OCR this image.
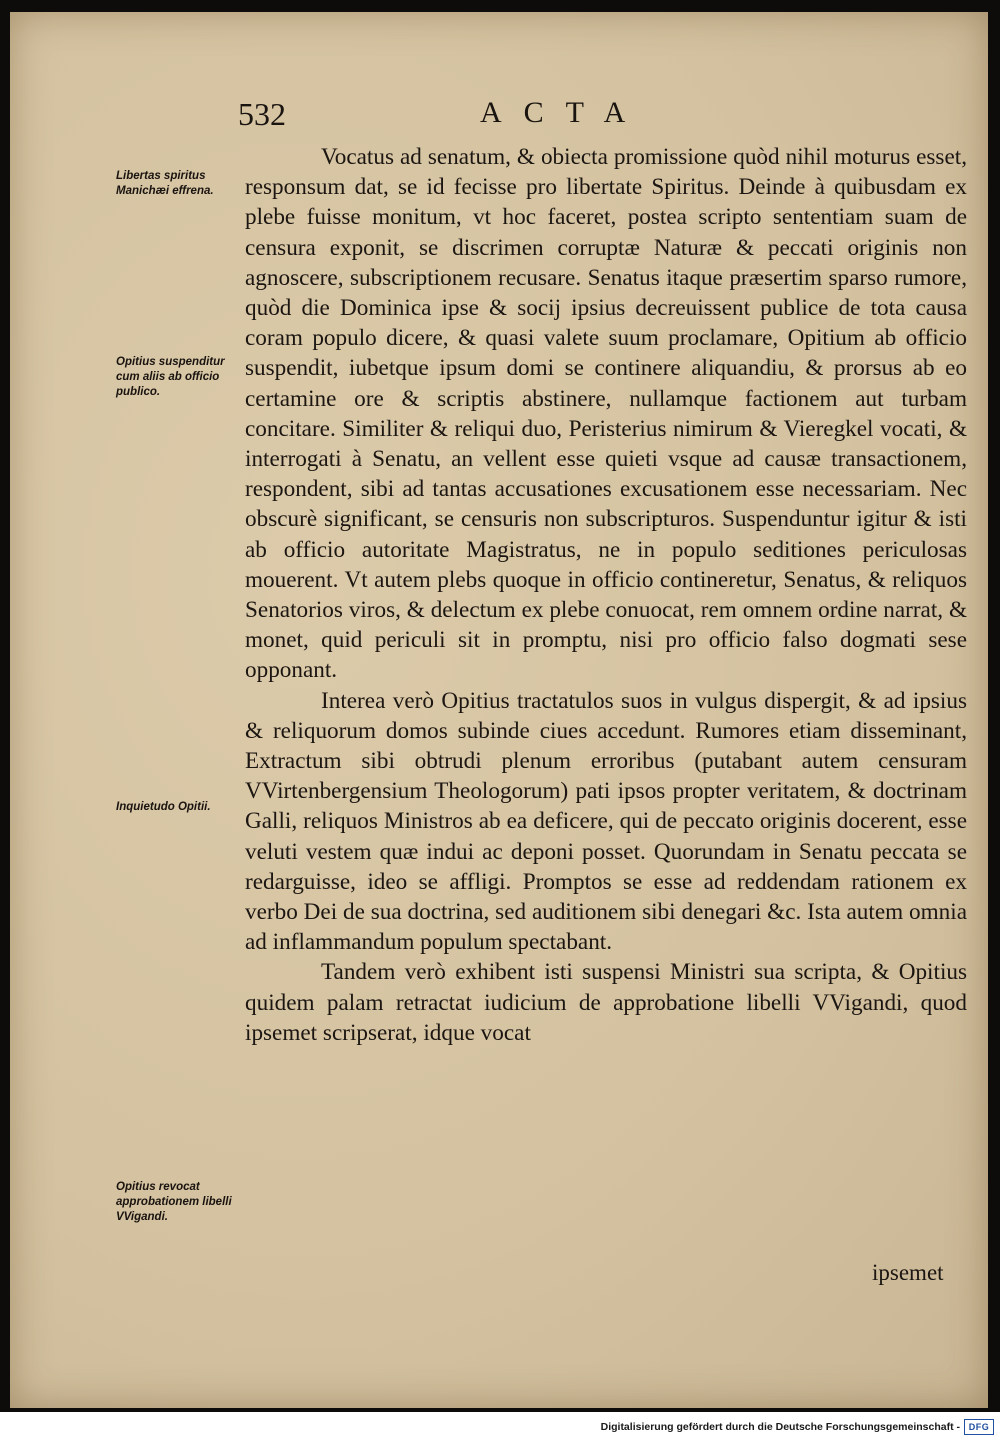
532	ACTA
Libertas spiritus Manichæi effrena.
Opitius suspenditur cum aliis ab officio publico.
Inquietudo Opitii.
Opitius revocat approbationem libelli VVigandi.

Vocatus ad senatum, & obiecta promissione quòd nihil moturus esset, responsum dat, se id fecisse pro libertate Spiritus. Deinde à quibusdam ex plebe fuisse monitum, vt hoc faceret, postea scripto sententiam suam de censura exponit, se discrimen corruptæ Naturæ & peccati originis non agnoscere, subscriptionem recusare. Senatus itaque præsertim sparso rumore, quòd die Dominica ipse & socij ipsius decreuissent publice de tota causa coram populo dicere, & quasi valete suum proclamare, Opitium ab officio suspendit, iubetque ipsum domi se continere aliquandiu, & prorsus ab eo certamine ore & scriptis abstinere, nullamque factionem aut turbam concitare. Similiter & reliqui duo, Peristerius nimirum & Vieregkel vocati, & interrogati à Senatu, an vellent esse quieti vsque ad causæ transactionem, respondent, sibi ad tantas accusationes excusationem esse necessariam. Nec obscurè significant, se censuris non subscripturos. Suspenduntur igitur & isti ab officio autoritate Magistratus, ne in populo seditiones periculosas mouerent. Vt autem plebs quoque in officio contineretur, Senatus, & reliquos Senatorios viros, & delectum ex plebe conuocat, rem omnem ordine narrat, & monet, quid periculi sit in promptu, nisi pro officio falso dogmati sese opponant.

Interea verò Opitius tractatulos suos in vulgus dispergit, & ad ipsius & reliquorum domos subinde ciues accedunt. Rumores etiam disseminant, Extractum sibi obtrudi plenum erroribus (putabant autem censuram VVirtenbergensium Theologorum) pati ipsos propter veritatem, & doctrinam Galli, reliquos Ministros ab ea deficere, qui de peccato originis docerent, esse veluti vestem quæ indui ac deponi posset. Quorundam in Senatu peccata se redarguisse, ideo se affligi. Promptos se esse ad reddendam rationem ex verbo Dei de sua doctrina, sed auditionem sibi denegari &c. Ista autem omnia ad inflammandum populum spectabant.

Tandem verò exhibent isti suspensi Ministri sua scripta, & Opitius quidem palam retractat iudicium de approbatione libelli VVigandi, quod ipsemet scripserat, idque vocat

ipsemet
Digitalisierung gefördert durch die Deutsche Forschungsgemeinschaft - DFG
